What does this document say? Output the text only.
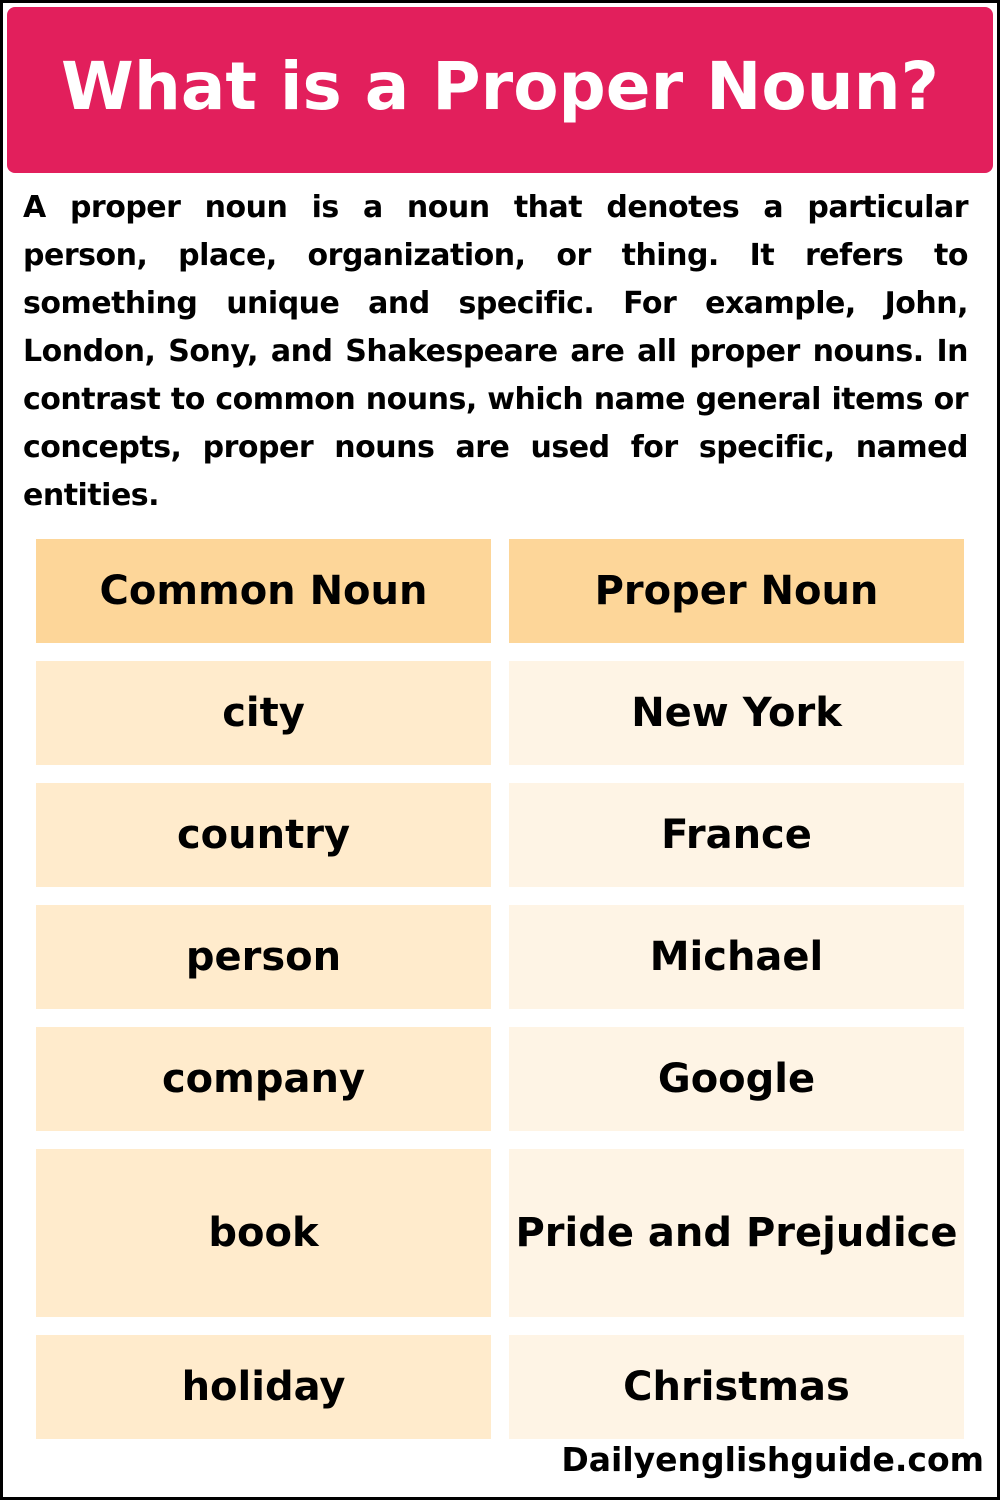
What is a Proper Noun?

A proper noun is a noun that denotes a particular person, place, organization, or thing. It refers to something unique and specific. For example, John, London, Sony, and Shakespeare are all proper nouns. In contrast to common nouns, which name general items or concepts, proper nouns are used for specific, named entities.

Common Noun	Proper Noun
city	New York
country	France
person	Michael
company	Google
book	Pride and Prejudice
holiday	Christmas
Dailyenglishguide.com
